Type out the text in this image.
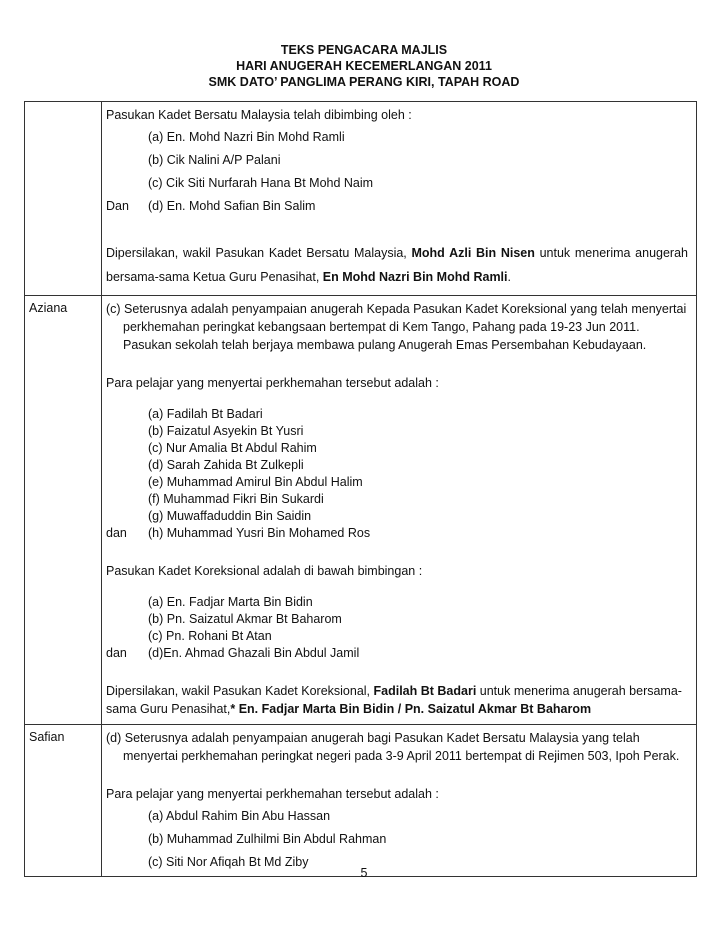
TEKS PENGACARA MAJLIS
HARI ANUGERAH KECEMERLANGAN 2011
SMK DATO’ PANGLIMA PERANG KIRI, TAPAH ROAD

Pasukan Kadet Bersatu Malaysia telah dibimbing oleh :

	(a) En. Mohd Nazri Bin Mohd Ramli
	(b) Cik Nalini A/P Palani
	(c) Cik Siti Nurfarah Hana Bt Mohd Naim
Dan	(d) En. Mohd Safian Bin Salim

Dipersilakan, wakil Pasukan Kadet Bersatu Malaysia, Mohd Azli Bin Nisen untuk menerima anugerah bersama-sama Ketua Guru Penasihat, En Mohd Nazri Bin Mohd Ramli.

Aziana	(c) Seterusnya adalah penyampaian anugerah Kepada Pasukan Kadet Koreksional yang telah menyertai perkhemahan peringkat kebangsaan bertempat di Kem Tango, Pahang pada 19-23 Jun 2011. Pasukan sekolah telah berjaya membawa pulang Anugerah Emas Persembahan Kebudayaan.

Para pelajar yang menyertai perkhemahan tersebut adalah :

	(a) Fadilah Bt Badari
	(b) Faizatul Asyekin Bt Yusri
	(c) Nur Amalia Bt Abdul Rahim
	(d) Sarah Zahida Bt Zulkepli
	(e) Muhammad Amirul Bin Abdul Halim
	(f) Muhammad Fikri Bin Sukardi
	(g) Muwaffaduddin Bin Saidin
dan	(h) Muhammad Yusri Bin Mohamed Ros

Pasukan Kadet Koreksional adalah di bawah bimbingan :

	(a) En. Fadjar Marta Bin Bidin
	(b) Pn. Saizatul Akmar Bt Baharom
	(c) Pn. Rohani Bt Atan
dan	(d)En. Ahmad Ghazali Bin Abdul Jamil

Dipersilakan, wakil Pasukan Kadet Koreksional, Fadilah Bt Badari untuk menerima anugerah bersama-sama Guru Penasihat,* En. Fadjar Marta Bin Bidin / Pn. Saizatul Akmar Bt Baharom

Safian	(d) Seterusnya adalah penyampaian anugerah bagi Pasukan Kadet Bersatu Malaysia yang telah menyertai perkhemahan peringkat negeri pada 3-9 April 2011 bertempat di Rejimen 503, Ipoh Perak.

Para pelajar yang menyertai perkhemahan tersebut adalah :

	(a) Abdul Rahim Bin Abu Hassan
	(b) Muhammad Zulhilmi Bin Abdul Rahman
	(c) Siti Nor Afiqah Bt Md Ziby
5
